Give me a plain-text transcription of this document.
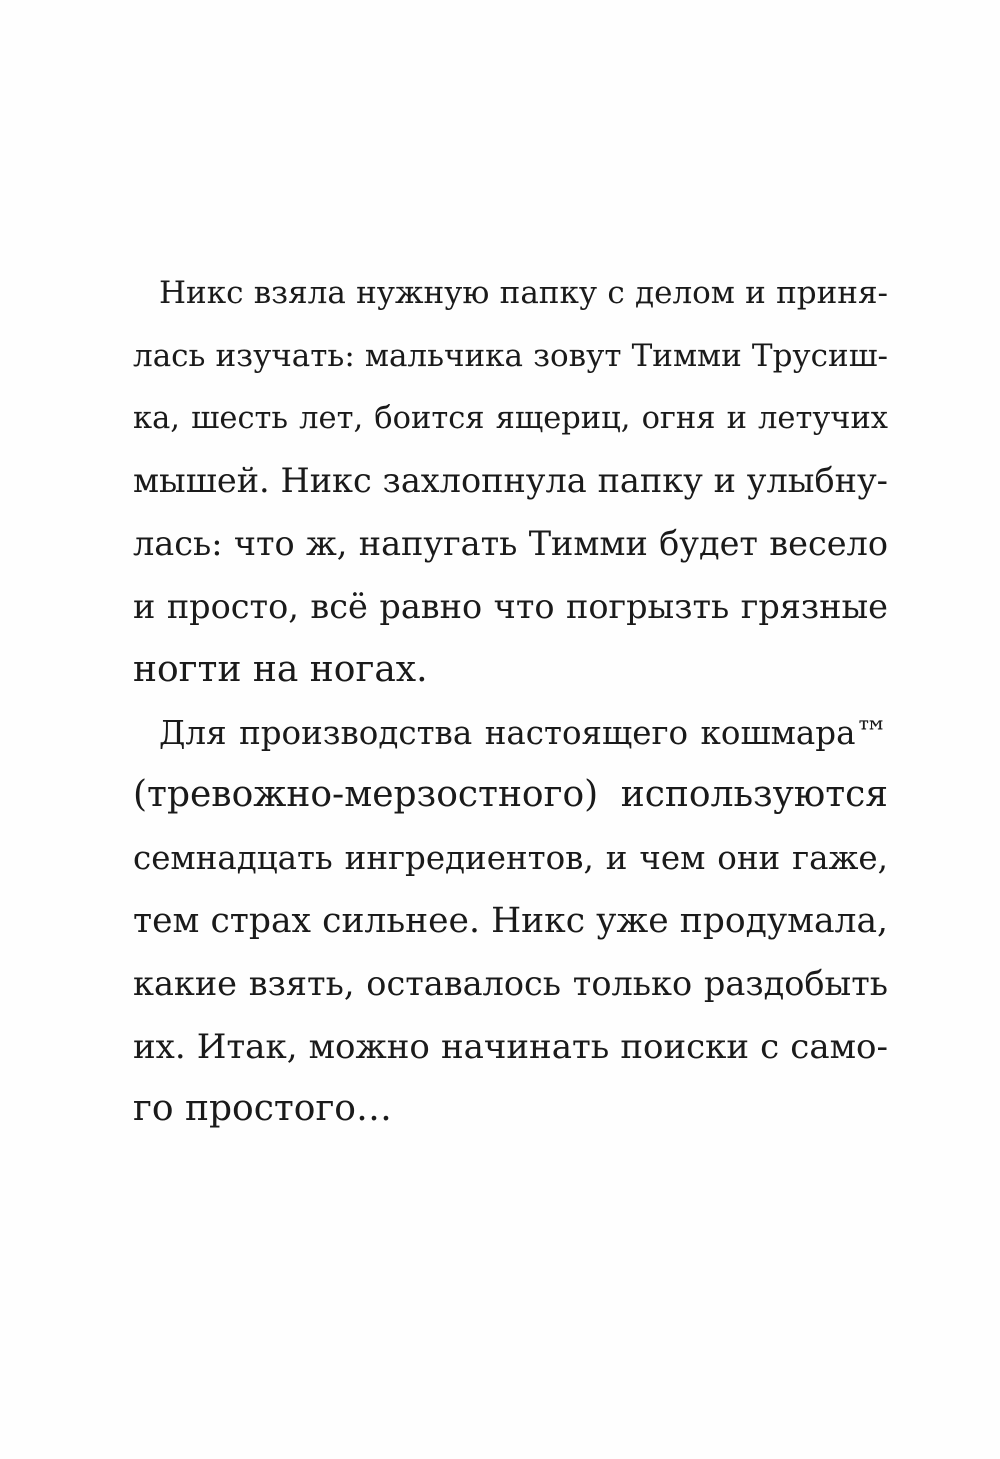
Никс взяла нужную папку с делом и приня-
лась изучать: мальчика зовут Тимми Трусиш-
ка, шесть лет, боится ящериц, огня и летучих
мышей. Никс захлопнула папку и улыбну-
лась: что ж, напугать Тимми будет весело
и просто, всё равно что погрызть грязные
ногти на ногах.

Для производства настоящего кошмара™
(тревожно-мерзостного) используются
семнадцать ингредиентов, и чем они гаже,
тем страх сильнее. Никс уже продумала,
какие взять, оставалось только раздобыть
их. Итак, можно начинать поиски с само-
го простого…
